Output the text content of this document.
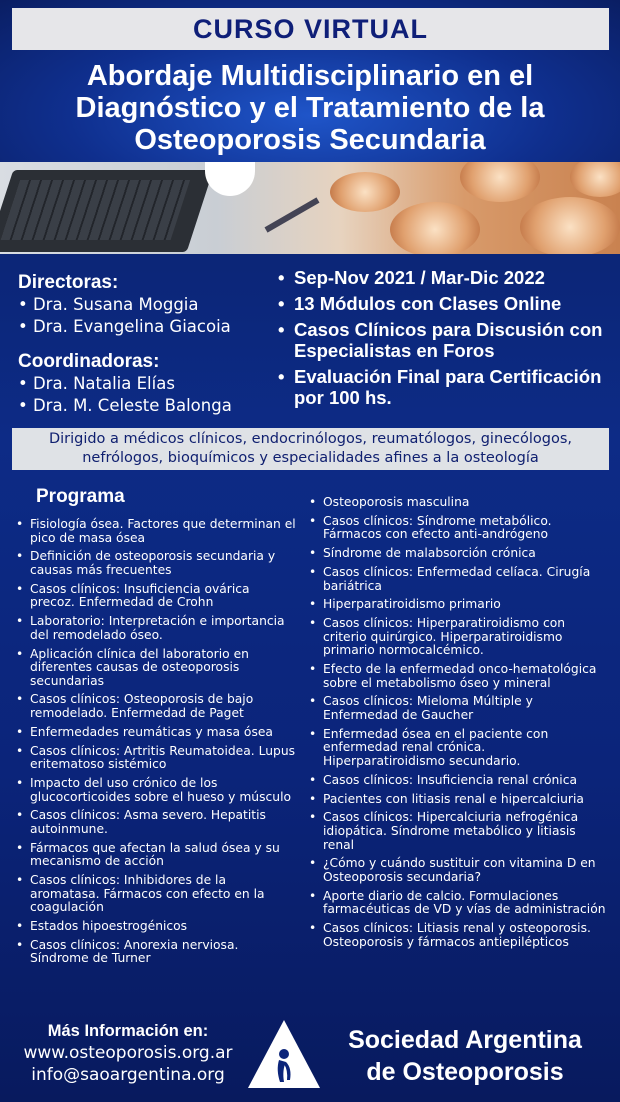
CURSO VIRTUAL
Abordaje Multidisciplinario en el
Diagnóstico y el Tratamiento de la
Osteoporosis Secundaria
Directoras:

• Dra. Susana Moggia

• Dra. Evangelina Giacoia

Coordinadoras:

• Dra. Natalia Elías

• Dra. M. Celeste Balonga

• Sep-Nov 2021 / Mar-Dic 2022
• 13 Módulos con Clases Online
• Casos Clínicos para Discusión con Especialistas en Foros
• Evaluación Final para Certificación por 100 hs.
Dirigido a médicos clínicos, endocrinólogos, reumatólogos, ginecólogos,
nefrólogos, bioquímicos y especialidades afines a la osteología
Programa
• Fisiología ósea. Factores que determinan el pico de masa ósea
• Definición de osteoporosis secundaria y causas más frecuentes
• Casos clínicos: Insuficiencia ovárica precoz. Enfermedad de Crohn
• Laboratorio: Interpretación e importancia del remodelado óseo.
• Aplicación clínica del laboratorio en diferentes causas de osteoporosis secundarias
• Casos clínicos: Osteoporosis de bajo remodelado. Enfermedad de Paget
• Enfermedades reumáticas y masa ósea
• Casos clínicos: Artritis Reumatoidea. Lupus eritematoso sistémico
• Impacto del uso crónico de los glucocorticoides sobre el hueso y músculo
• Casos clínicos: Asma severo. Hepatitis autoinmune.
• Fármacos que afectan la salud ósea y su mecanismo de acción
• Casos clínicos: Inhibidores de la aromatasa. Fármacos con efecto en la coagulación
• Estados hipoestrogénicos
• Casos clínicos: Anorexia nerviosa. Síndrome de Turner
• Osteoporosis masculina
• Casos clínicos: Síndrome metabólico. Fármacos con efecto anti-andrógeno
• Síndrome de malabsorción crónica
• Casos clínicos: Enfermedad celíaca. Cirugía bariátrica
• Hiperparatiroidismo primario
• Casos clínicos: Hiperparatiroidismo con criterio quirúrgico. Hiperparatiroidismo primario normocalcémico.
• Efecto de la enfermedad onco-hematológica sobre el metabolismo óseo y mineral
• Casos clínicos: Mieloma Múltiple y Enfermedad de Gaucher
• Enfermedad ósea en el paciente con enfermedad renal crónica. Hiperparatiroidismo secundario.
• Casos clínicos: Insuficiencia renal crónica
• Pacientes con litiasis renal e hipercalciuria
• Casos clínicos: Hipercalciuria nefrogénica idiopática. Síndrome metabólico y litiasis renal
• ¿Cómo y cuándo sustituir con vitamina D en Osteoporosis secundaria?
• Aporte diario de calcio. Formulaciones farmacéuticas de VD y vías de administración
• Casos clínicos: Litiasis renal y osteoporosis. Osteoporosis y fármacos antiepilépticos
Más Información en:
www.osteoporosis.org.ar
info@saoargentina.org
Sociedad Argentina
de Osteoporosis
